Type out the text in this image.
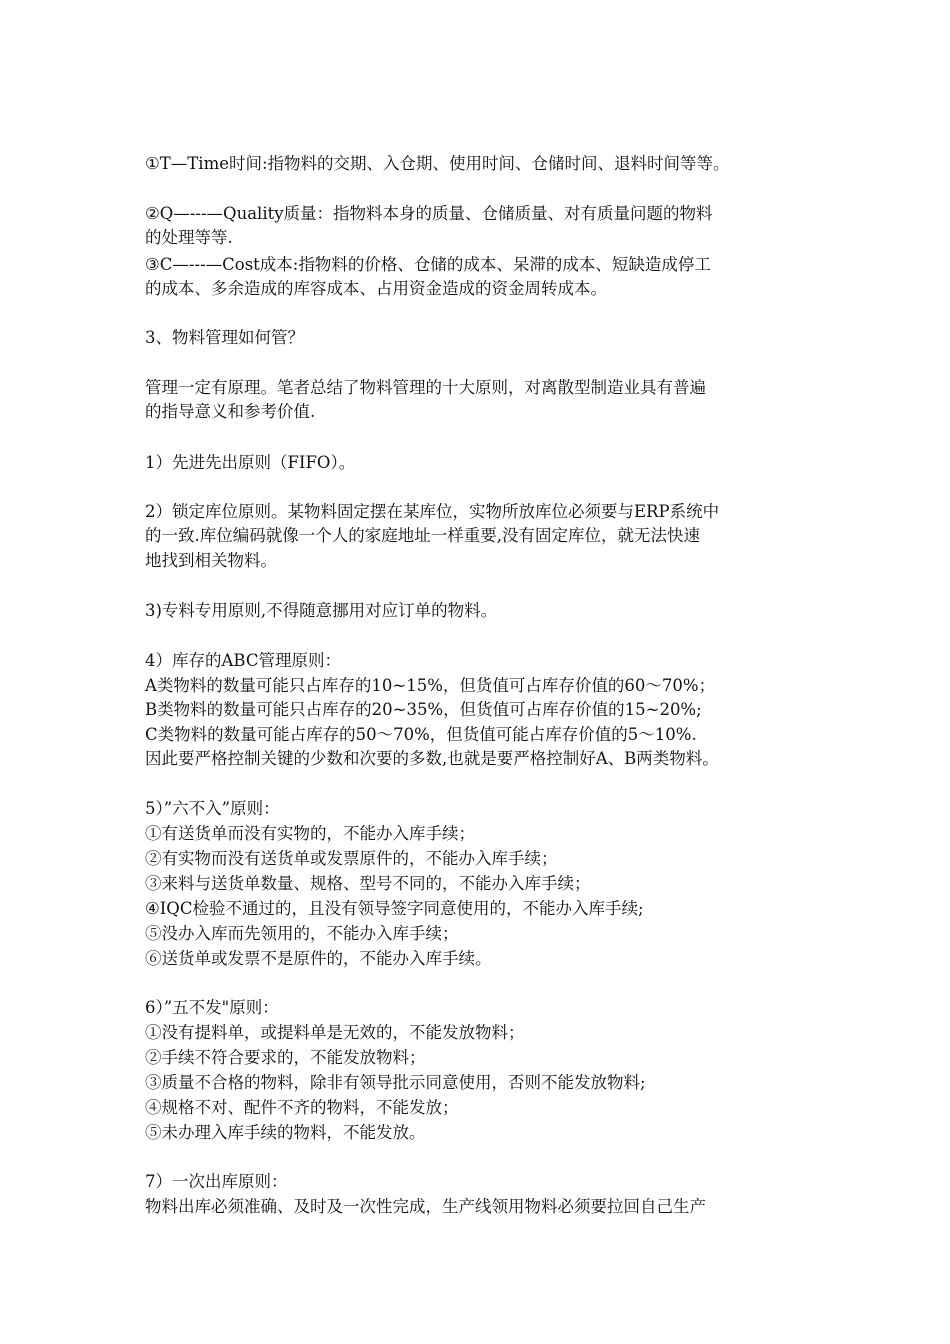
①T—Time时间:指物料的交期、入仓期、使用时间、仓储时间、退料时间等等。
②Q—---—Quality质量：指物料本身的质量、仓储质量、对有质量问题的物料
的处理等等.
③C—---—Cost成本:指物料的价格、仓储的成本、呆滞的成本、短缺造成停工
的成本、多余造成的库容成本、占用资金造成的资金周转成本。
3、物料管理如何管？
管理一定有原理。笔者总结了物料管理的十大原则，对离散型制造业具有普遍
的指导意义和参考价值.
1）先进先出原则（FIFO）。
2）锁定库位原则。某物料固定摆在某库位，实物所放库位必须要与ERP系统中
的一致.库位编码就像一个人的家庭地址一样重要,没有固定库位，就无法快速
地找到相关物料。
3)专料专用原则,不得随意挪用对应订单的物料。
4）库存的ABC管理原则：
A类物料的数量可能只占库存的10~15%，但货值可占库存价值的60～70%；
B类物料的数量可能只占库存的20~35%，但货值可占库存价值的15~20%;
C类物料的数量可能占库存的50～70%，但货值可能占库存价值的5～10%.
因此要严格控制关键的少数和次要的多数,也就是要严格控制好A、B两类物料。
5）”六不入”原则：
①有送货单而没有实物的，不能办入库手续；
②有实物而没有送货单或发票原件的，不能办入库手续；
③来料与送货单数量、规格、型号不同的，不能办入库手续；
④IQC检验不通过的，且没有领导签字同意使用的，不能办入库手续;
⑤没办入库而先领用的，不能办入库手续；
⑥送货单或发票不是原件的，不能办入库手续。
6）”五不发"原则：
①没有提料单，或提料单是无效的，不能发放物料；
②手续不符合要求的，不能发放物料；
③质量不合格的物料，除非有领导批示同意使用，否则不能发放物料;
④规格不对、配件不齐的物料，不能发放；
⑤未办理入库手续的物料，不能发放。
7）一次出库原则：
物料出库必须准确、及时及一次性完成，生产线领用物料必须要拉回自己生产
